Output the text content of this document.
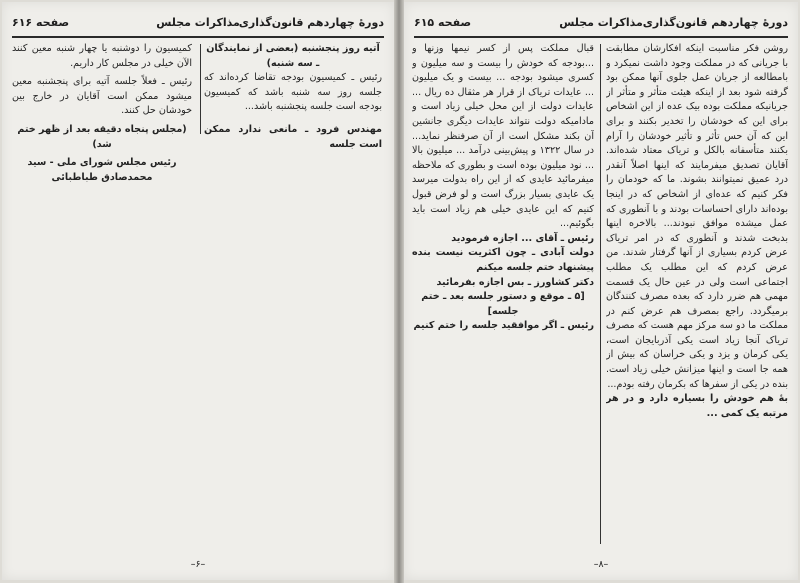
دورهٔ چهاردهم قانون‌گذاری
مذاکرات مجلس
صفحه ۶۱۶

آتیه روز پنجشنبه (بعضی از نمایندگان ـ سه شنبه)

رئیس ـ کمیسیون بودجه تقاضا کرده‌اند که جلسه روز سه شنبه باشد که کمیسیون بودجه است جلسه پنجشنبه باشد...

مهندس فرود ـ مانعی ندارد ممکن است جلسه

کمیسیون را دوشنبه یا چهار شنبه معین کنند الآن خیلی در مجلس کار داریم.

رئیس ـ فعلاً جلسه آتیه برای پنجشنبه معین میشود ممکن است آقایان در خارج بین خودشان حل کنند.

(مجلس پنجاه دقیقه بعد از ظهر ختم شد)

رئیس مجلس شورای ملی - سید محمدصادق طباطبائی

–۶–
دورهٔ چهاردهم قانون‌گذاری
مذاکرات مجلس
صفحه ۶۱۵

روشن فکر مناسبت اینکه افکارشان مطابقت با جریانی که در مملکت وجود داشت نمیکرد و بامطالعه از جریان عمل جلوی آنها ممکن بود گرفته شود بعد از اینکه هیئت متأثر و متأثر از جریانیکه مملکت بوده بیک عده از این اشخاص برای این که خودشان را تخدیر بکنند و برای این که آن حس تأثر و تأثیر خودشان را آرام بکنند متأسفانه بالکل و تریاک معتاد شده‌اند. آقایان تصدیق میفرمایند که اینها اصلاً آنقدر درد عمیق نمیتوانند بشوند. ما که خودمان را فکر کنیم که عده‌ای از اشخاص که در اینجا بوده‌اند دارای احساسات بودند و با آنطوری که عمل میشده موافق نبودند... بالاخره اینها بدبخت شدند و آنطوری که در امر تریاک عرض کردم بسیاری از آنها گرفتار شدند. من عرض کردم که این مطلب یک مطلب اجتماعی است ولی در عین حال یک قسمت مهمی هم ضرر دارد که بعده مصرف کنندگان برمیگردد. راجع بمصرف هم عرض کنم در مملکت ما دو سه مرکز مهم هست که مصرف تریاک آنجا زیاد است یکی آذربایجان است، یکی کرمان و یزد و یکی خراسان که بیش از همه جا است و اینها میزانش خیلی زیاد است. بنده در یکی از سفرها که بکرمان رفته بودم...

بهٔ هم خودش را بسیاره دارد و در هر مرتبه یک کمی ...

قبال مملکت پس از کسر نیمها وزنها و ...بودجه که خودش را بیست و سه میلیون و کسری میشود بودجه ... بیست و یک میلیون ... عایدات تریاک از قرار هر مثقال ده ریال ... عایدات دولت از این محل خیلی زیاد است و مادامیکه دولت نتواند عایدات دیگری جانشین آن بکند مشکل است از آن صرفنظر نماید... در سال ۱۳۲۲ و پیش‌بینی درآمد ... میلیون بالا ... نود میلیون بوده است و بطوری که ملاحظه میفرمائید عایدی که از این راه بدولت میرسد یک عایدی بسیار بزرگ است و لو فرض قبول کنیم که این عایدی خیلی هم زیاد است باید بگوئیم...

رئیس ـ آقای ... اجازه فرمودید

دولت آبادی ـ چون اکثریت نیست بنده پیشنهاد ختم جلسه میکنم

دکتر کشاورز ـ بس اجازه بفرمائید

[۵ ـ موقع و دستور جلسه بعد ـ ختم جلسه]

رئیس ـ اگر موافقید جلسه را ختم کنیم

–۸–
